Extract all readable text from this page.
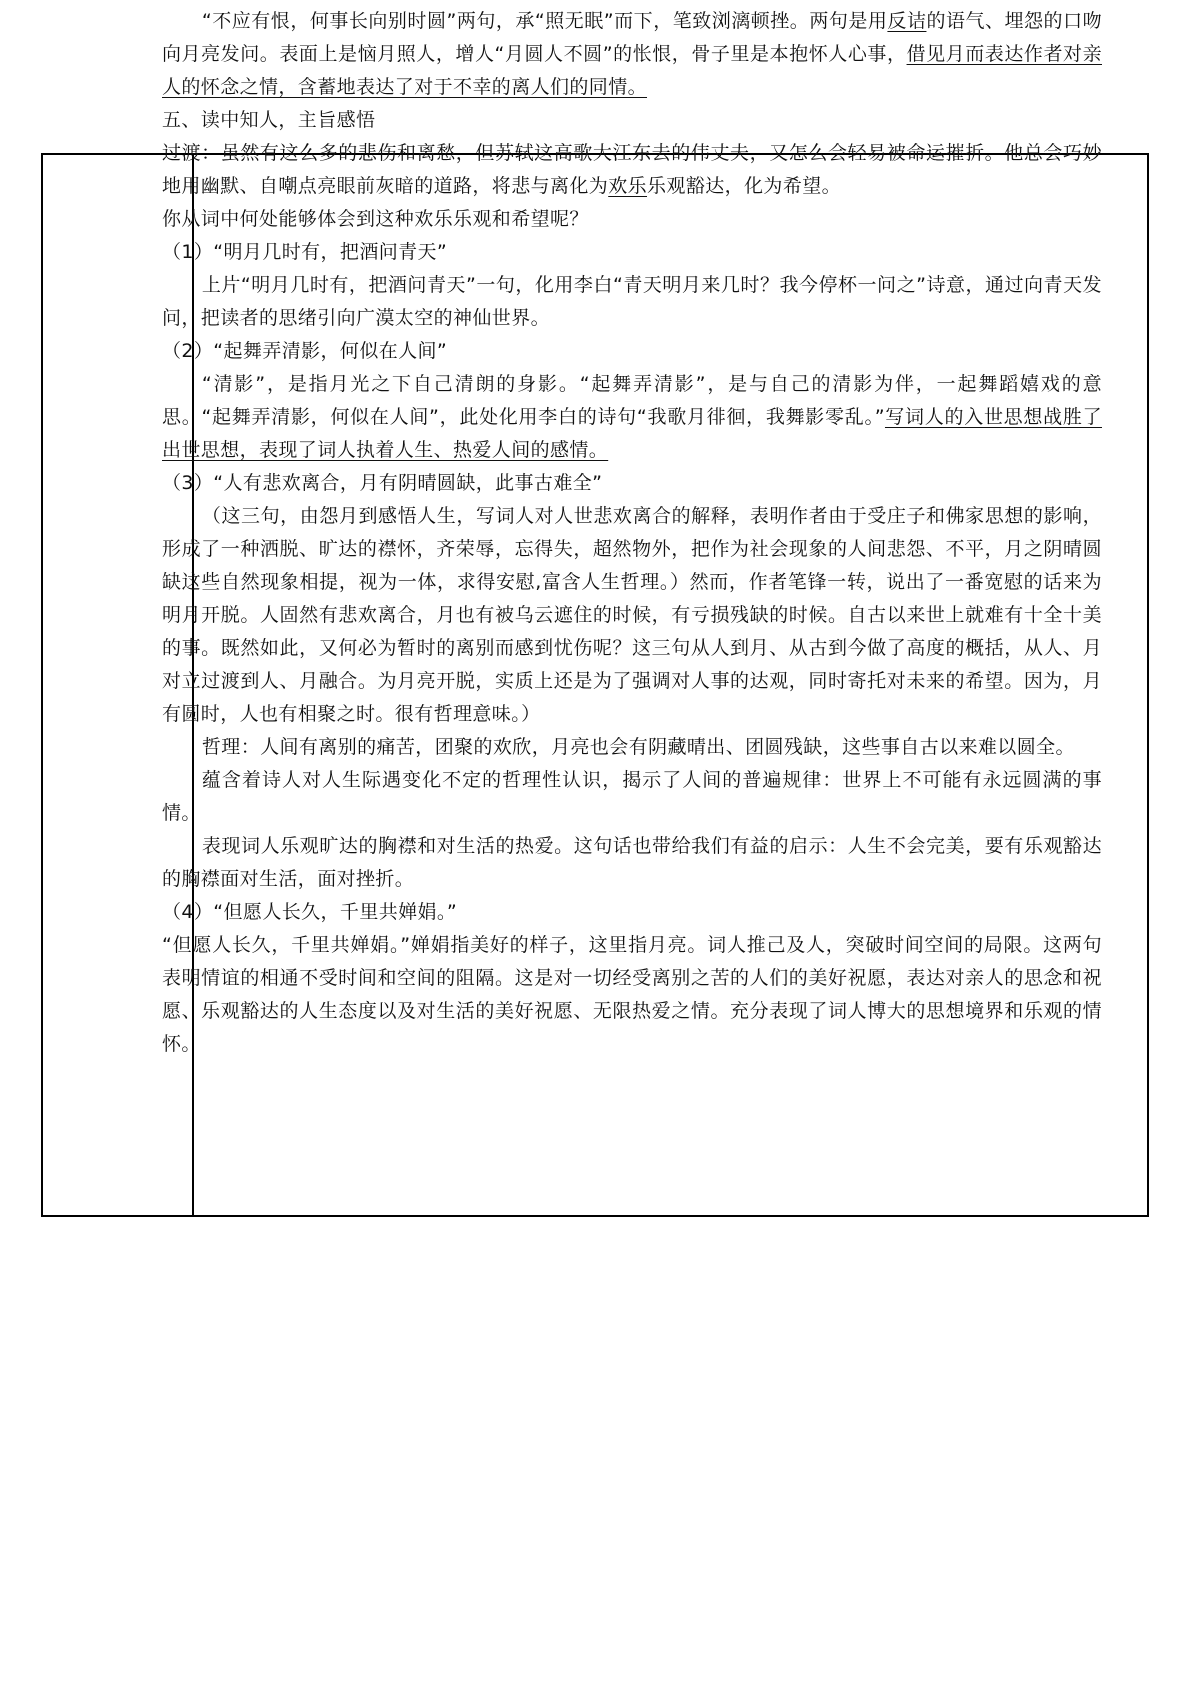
“不应有恨，何事长向别时圆”两句，承“照无眠”而下，笔致浏漓顿挫。两句是用反诘的语气、埋怨的口吻向月亮发问。表面上是恼月照人，增人“月圆人不圆”的怅恨，骨子里是本抱怀人心事，借见月而表达作者对亲人的怀念之情，含蓄地表达了对于不幸的离人们的同情。

五、读中知人，主旨感悟

过渡：虽然有这么多的悲伤和离愁，但苏轼这高歌大江东去的伟丈夫，又怎么会轻易被命运摧折。他总会巧妙地用幽默、自嘲点亮眼前灰暗的道路，将悲与离化为欢乐乐观豁达，化为希望。

你从词中何处能够体会到这种欢乐乐观和希望呢？

（1）“明月几时有，把酒问青天”

上片“明月几时有，把酒问青天”一句，化用李白“青天明月来几时？我今停杯一问之”诗意，通过向青天发问，把读者的思绪引向广漠太空的神仙世界。

（2）“起舞弄清影，何似在人间”

“清影”，是指月光之下自己清朗的身影。“起舞弄清影”，是与自己的清影为伴，一起舞蹈嬉戏的意思。“起舞弄清影，何似在人间”，此处化用李白的诗句“我歌月徘徊，我舞影零乱。”写词人的入世思想战胜了出世思想，表现了词人执着人生、热爱人间的感情。

（3）“人有悲欢离合，月有阴晴圆缺，此事古难全”

（这三句，由怨月到感悟人生，写词人对人世悲欢离合的解释，表明作者由于受庄子和佛家思想的影响，形成了一种洒脱、旷达的襟怀，齐荣辱，忘得失，超然物外，把作为社会现象的人间悲怨、不平，月之阴晴圆缺这些自然现象相提，视为一体，求得安慰,富含人生哲理。）然而，作者笔锋一转，说出了一番宽慰的话来为明月开脱。人固然有悲欢离合，月也有被乌云遮住的时候，有亏损残缺的时候。自古以来世上就难有十全十美的事。既然如此，又何必为暂时的离别而感到忧伤呢？这三句从人到月、从古到今做了高度的概括，从人、月对立过渡到人、月融合。为月亮开脱，实质上还是为了强调对人事的达观，同时寄托对未来的希望。因为，月有圆时，人也有相聚之时。很有哲理意味。）

哲理：人间有离别的痛苦，团聚的欢欣，月亮也会有阴藏晴出、团圆残缺，这些事自古以来难以圆全。

蕴含着诗人对人生际遇变化不定的哲理性认识，揭示了人间的普遍规律：世界上不可能有永远圆满的事情。

表现词人乐观旷达的胸襟和对生活的热爱。这句话也带给我们有益的启示：人生不会完美，要有乐观豁达的胸襟面对生活，面对挫折。

（4）“但愿人长久，千里共婵娟。”

“但愿人长久，千里共婵娟。”婵娟指美好的样子，这里指月亮。词人推己及人，突破时间空间的局限。这两句表明情谊的相通不受时间和空间的阻隔。这是对一切经受离别之苦的人们的美好祝愿，表达对亲人的思念和祝愿、乐观豁达的人生态度以及对生活的美好祝愿、无限热爱之情。充分表现了词人博大的思想境界和乐观的情怀。
